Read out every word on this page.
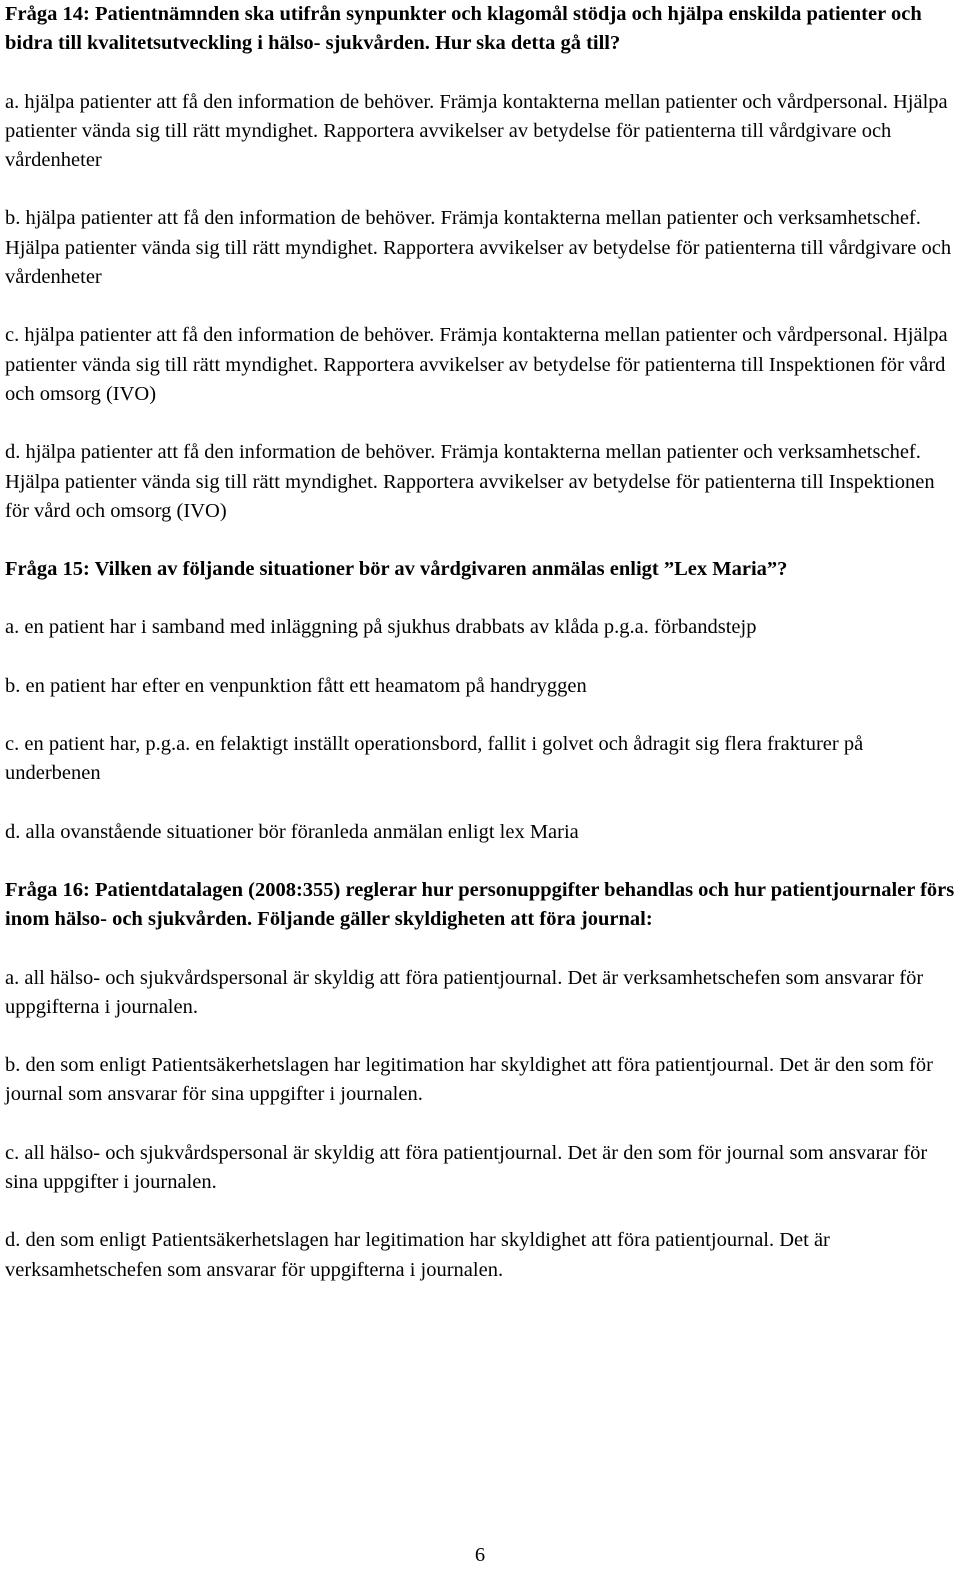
Fråga 14: Patientnämnden ska utifrån synpunkter och klagomål stödja och hjälpa enskilda patienter och bidra till kvalitetsutveckling i hälso- sjukvården. Hur ska detta gå till?

a. hjälpa patienter att få den information de behöver. Främja kontakterna mellan patienter och vårdpersonal. Hjälpa patienter vända sig till rätt myndighet. Rapportera avvikelser av betydelse för patienterna till vårdgivare och vårdenheter

b. hjälpa patienter att få den information de behöver. Främja kontakterna mellan patienter och verksamhetschef. Hjälpa patienter vända sig till rätt myndighet. Rapportera avvikelser av betydelse för patienterna till vårdgivare och vårdenheter

c. hjälpa patienter att få den information de behöver. Främja kontakterna mellan patienter och vårdpersonal. Hjälpa patienter vända sig till rätt myndighet. Rapportera avvikelser av betydelse för patienterna till Inspektionen för vård och omsorg (IVO)

d. hjälpa patienter att få den information de behöver. Främja kontakterna mellan patienter och verksamhetschef. Hjälpa patienter vända sig till rätt myndighet. Rapportera avvikelser av betydelse för patienterna till Inspektionen för vård och omsorg (IVO)

Fråga 15: Vilken av följande situationer bör av vårdgivaren anmälas enligt ”Lex Maria”?

a. en patient har i samband med inläggning på sjukhus drabbats av klåda p.g.a. förbandstejp

b. en patient har efter en venpunktion fått ett heamatom på handryggen

c. en patient har, p.g.a. en felaktigt inställt operationsbord, fallit i golvet och ådragit sig flera frakturer på underbenen

d. alla ovanstående situationer bör föranleda anmälan enligt lex Maria

Fråga 16: Patientdatalagen (2008:355) reglerar hur personuppgifter behandlas och hur patientjournaler förs inom hälso- och sjukvården. Följande gäller skyldigheten att föra journal:

a. all hälso- och sjukvårdspersonal är skyldig att föra patientjournal. Det är verksamhetschefen som ansvarar för uppgifterna i journalen.

b. den som enligt Patientsäkerhetslagen har legitimation har skyldighet att föra patientjournal. Det är den som för journal som ansvarar för sina uppgifter i journalen.

c. all hälso- och sjukvårdspersonal är skyldig att föra patientjournal. Det är den som för journal som ansvarar för sina uppgifter i journalen.

d. den som enligt Patientsäkerhetslagen har legitimation har skyldighet att föra patientjournal. Det är verksamhetschefen som ansvarar för uppgifterna i journalen.

6
